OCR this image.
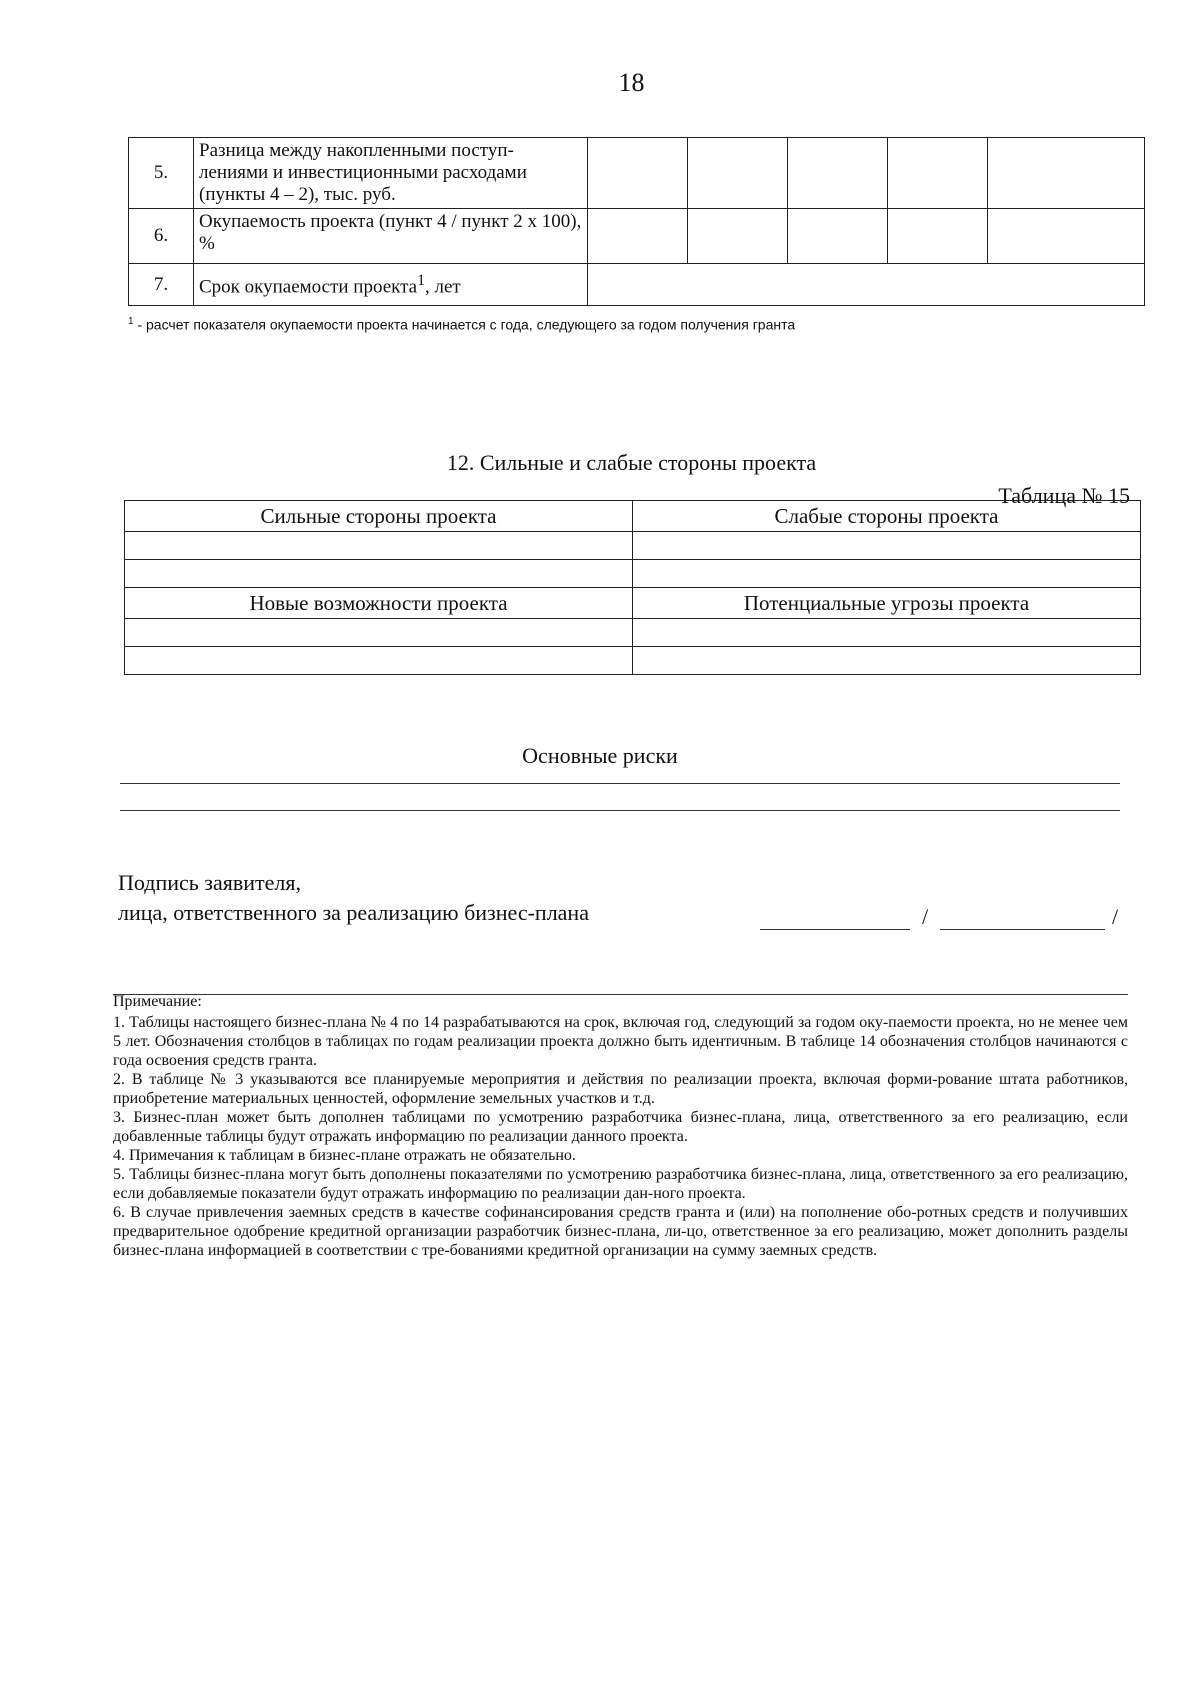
18
5.	Разница между накопленными поступ-лениями и инвестиционными расходами (пункты 4 – 2), тыс. руб.					
6.	Окупаемость проекта (пункт 4 / пункт 2 х 100), %					
7.	Срок окупаемости проекта$^1$, лет					
$^1$ - расчет показателя окупаемости проекта начинается с года, следующего за годом получения гранта
12. Сильные и слабые стороны проекта
Таблица № 15
Сильные стороны проекта	Слабые стороны проекта

Новые возможности проекта	Потенциальные угрозы проекта

Основные риски
Подпись заявителя,
лица, ответственного за реализацию бизнес-плана	/	/

Примечание:

1. Таблицы настоящего бизнес-плана № 4 по 14 разрабатываются на срок, включая год, следующий за годом оку-паемости проекта, но не менее чем 5 лет. Обозначения столбцов в таблицах по годам реализации проекта должно быть идентичным. В таблице 14 обозначения столбцов начинаются с года освоения средств гранта.

2. В таблице № 3 указываются все планируемые мероприятия и действия по реализации проекта, включая форми-рование штата работников, приобретение материальных ценностей, оформление земельных участков и т.д.

3. Бизнес-план может быть дополнен таблицами по усмотрению разработчика бизнес-плана, лица, ответственного за его реализацию, если добавленные таблицы будут отражать информацию по реализации данного проекта.

4. Примечания к таблицам в бизнес-плане отражать не обязательно.

5. Таблицы бизнес-плана могут быть дополнены показателями по усмотрению разработчика бизнес-плана, лица, ответственного за его реализацию, если добавляемые показатели будут отражать информацию по реализации дан-ного проекта.

6. В случае привлечения заемных средств в качестве софинансирования средств гранта и (или) на пополнение обо-ротных средств и получивших предварительное одобрение кредитной организации разработчик бизнес-плана, ли-цо, ответственное за его реализацию, может дополнить разделы бизнес-плана информацией в соответствии с тре-бованиями кредитной организации на сумму заемных средств.
